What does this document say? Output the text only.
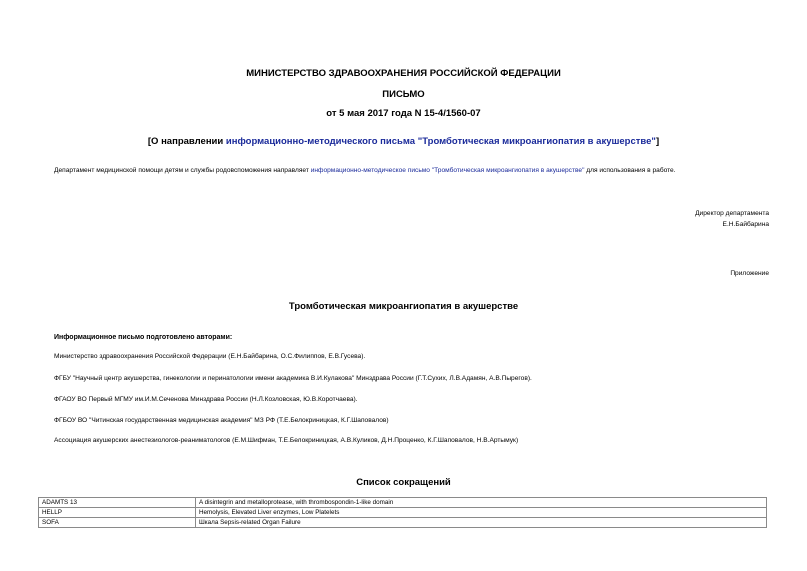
МИНИСТЕРСТВО ЗДРАВООХРАНЕНИЯ РОССИЙСКОЙ ФЕДЕРАЦИИ
ПИСЬМО
от 5 мая 2017 года N 15-4/1560-07
[О направлении информационно-методического письма "Тромботическая микроангиопатия в акушерстве"]
Департамент медицинской помощи детям и службы родовспоможения направляет информационно-методическое письмо "Тромботическая микроангиопатия в акушерстве" для использования в работе.
Директор департамента
Е.Н.Байбарина
Приложение
Тромботическая микроангиопатия в акушерстве
Информационное письмо подготовлено авторами:
Министерство здравоохранения Российской Федерации (Е.Н.Байбарина, О.С.Филиппов, Е.В.Гусева).
ФГБУ "Научный центр акушерства, гинекологии и перинатологии имени академика В.И.Кулакова" Минздрава России (Г.Т.Сухих, Л.В.Адамян, А.В.Пырегов).
ФГАОУ ВО Первый МГМУ им.И.М.Сеченова Минздрава России (Н.Л.Козловская, Ю.В.Коротчаева).
ФГБОУ ВО "Читинская государственная медицинская академия" МЗ РФ (Т.Е.Белокриницкая, К.Г.Шаповалов)
Ассоциация акушерских анестезиологов-реаниматологов (Е.М.Шифман, Т.Е.Белокриницкая, А.В.Куликов, Д.Н.Проценко, К.Г.Шаповалов, Н.В.Артымук)
Список сокращений
ADAMTS 13	A disintegrin and metalloprotease, with thrombospondin-1-like domain
HELLP	Hemolysis, Elevated Liver enzymes, Low Platelets
SOFA	Шкала Sepsis-related Organ Failure
